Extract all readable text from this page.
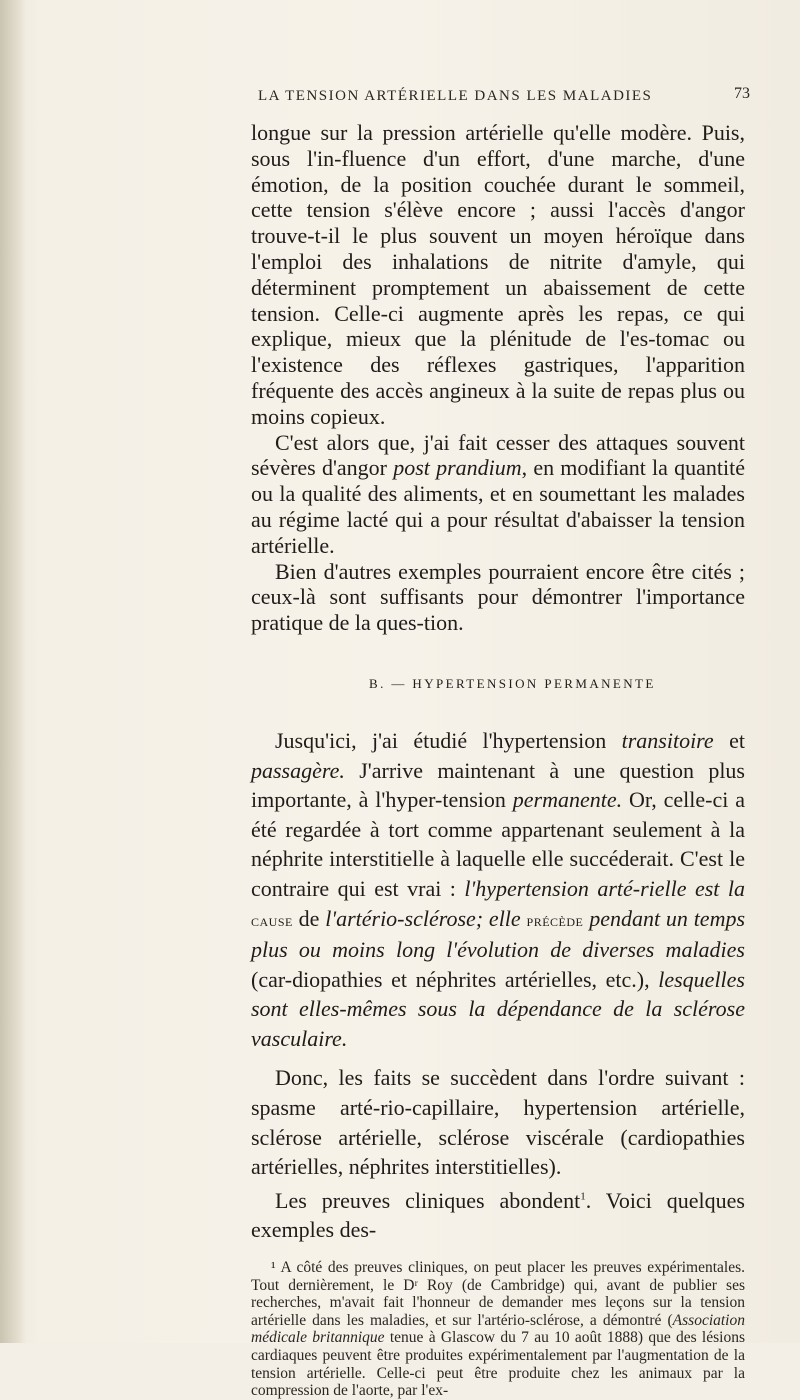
LA TENSION ARTÉRIELLE DANS LES MALADIES	73

longue sur la pression artérielle qu'elle modère. Puis, sous l'in-fluence d'un effort, d'une marche, d'une émotion, de la position couchée durant le sommeil, cette tension s'élève encore ; aussi l'accès d'angor trouve-t-il le plus souvent un moyen héroïque dans l'emploi des inhalations de nitrite d'amyle, qui déterminent promptement un abaissement de cette tension. Celle-ci augmente après les repas, ce qui explique, mieux que la plénitude de l'es-tomac ou l'existence des réflexes gastriques, l'apparition fréquente des accès angineux à la suite de repas plus ou moins copieux.

C'est alors que, j'ai fait cesser des attaques souvent sévères d'angor post prandium, en modifiant la quantité ou la qualité des aliments, et en soumettant les malades au régime lacté qui a pour résultat d'abaisser la tension artérielle.

Bien d'autres exemples pourraient encore être cités ; ceux-là sont suffisants pour démontrer l'importance pratique de la ques-tion.

B. — HYPERTENSION PERMANENTE

Jusqu'ici, j'ai étudié l'hypertension transitoire et passagère. J'arrive maintenant à une question plus importante, à l'hyper-tension permanente. Or, celle-ci a été regardée à tort comme appartenant seulement à la néphrite interstitielle à laquelle elle succéderait. C'est le contraire qui est vrai : l'hypertension arté-rielle est la cause de l'artério-sclérose; elle précède pendant un temps plus ou moins long l'évolution de diverses maladies (car-diopathies et néphrites artérielles, etc.), lesquelles sont elles-mêmes sous la dépendance de la sclérose vasculaire.

Donc, les faits se succèdent dans l'ordre suivant : spasme arté-rio-capillaire, hypertension artérielle, sclérose artérielle, sclérose viscérale (cardiopathies artérielles, néphrites interstitielles).

Les preuves cliniques abondent$^1$. Voici quelques exemples des-

¹ A côté des preuves cliniques, on peut placer les preuves expérimentales. Tout dernièrement, le Dʳ Roy (de Cambridge) qui, avant de publier ses recherches, m'avait fait l'honneur de demander mes leçons sur la tension artérielle dans les maladies, et sur l'artério-sclérose, a démontré (Association médicale britannique tenue à Glascow du 7 au 10 août 1888) que des lésions cardiaques peuvent être produites expérimentalement par l'augmentation de la tension artérielle. Celle-ci peut être produite chez les animaux par la compression de l'aorte, par l'ex-
